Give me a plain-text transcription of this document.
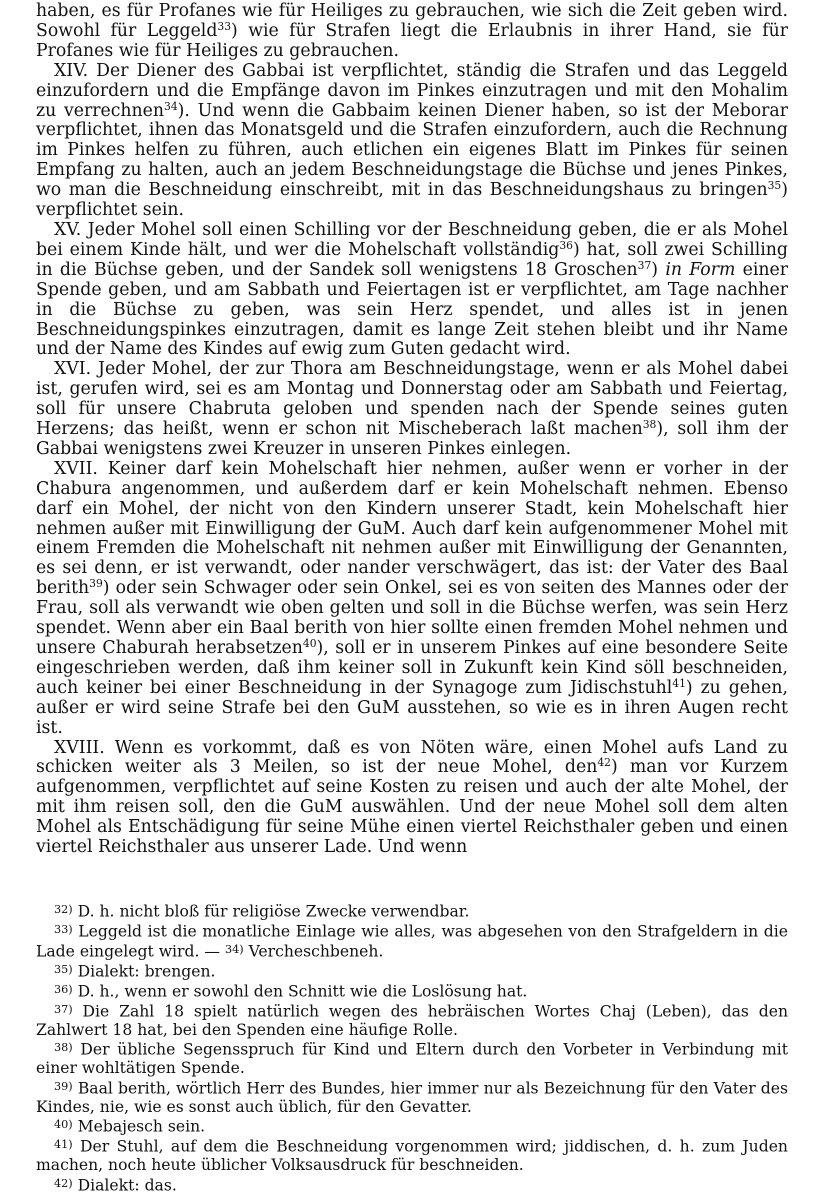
haben, es für Profanes wie für Heiliges zu gebrauchen, wie sich die Zeit geben wird. Sowohl für Leggeld$^{33}$) wie für Strafen liegt die Erlaubnis in ihrer Hand, sie für Profanes wie für Heiliges zu gebrauchen.

XIV. Der Diener des Gabbai ist verpflichtet, ständig die Strafen und das Leggeld einzufordern und die Empfänge davon im Pinkes einzutragen und mit den Mohalim zu verrechnen$^{34}$). Und wenn die Gabbaim keinen Diener haben, so ist der Meborar verpflichtet, ihnen das Monatsgeld und die Strafen einzufordern, auch die Rechnung im Pinkes helfen zu führen, auch etlichen ein eigenes Blatt im Pinkes für seinen Empfang zu halten, auch an jedem Beschneidungstage die Büchse und jenes Pinkes, wo man die Beschneidung einschreibt, mit in das Beschneidungshaus zu bringen$^{35}$) verpflichtet sein.

XV. Jeder Mohel soll einen Schilling vor der Beschneidung geben, die er als Mohel bei einem Kinde hält, und wer die Mohelschaft vollständig$^{36}$) hat, soll zwei Schilling in die Büchse geben, und der Sandek soll wenigstens 18 Groschen$^{37}$) in Form einer Spende geben, und am Sabbath und Feiertagen ist er verpflichtet, am Tage nachher in die Büchse zu geben, was sein Herz spendet, und alles ist in jenen Beschneidungspinkes einzutragen, damit es lange Zeit stehen bleibt und ihr Name und der Name des Kindes auf ewig zum Guten gedacht wird.

XVI. Jeder Mohel, der zur Thora am Beschneidungstage, wenn er als Mohel dabei ist, gerufen wird, sei es am Montag und Donnerstag oder am Sabbath und Feiertag, soll für unsere Chabruta geloben und spenden nach der Spende seines guten Herzens; das heißt, wenn er schon nit Mischeberach laßt machen$^{38}$), soll ihm der Gabbai wenigstens zwei Kreuzer in unseren Pinkes einlegen.

XVII. Keiner darf kein Mohelschaft hier nehmen, außer wenn er vorher in der Chabura angenommen, und außerdem darf er kein Mohelschaft nehmen. Ebenso darf ein Mohel, der nicht von den Kindern unserer Stadt, kein Mohelschaft hier nehmen außer mit Einwilligung der GuM. Auch darf kein aufgenommener Mohel mit einem Fremden die Mohelschaft nit nehmen außer mit Einwilligung der Genannten, es sei denn, er ist verwandt, oder nander verschwägert, das ist: der Vater des Baal berith$^{39}$) oder sein Schwager oder sein Onkel, sei es von seiten des Mannes oder der Frau, soll als verwandt wie oben gelten und soll in die Büchse werfen, was sein Herz spendet. Wenn aber ein Baal berith von hier sollte einen fremden Mohel nehmen und unsere Chaburah herabsetzen$^{40}$), soll er in unserem Pinkes auf eine besondere Seite eingeschrieben werden, daß ihm keiner soll in Zukunft kein Kind söll beschneiden, auch keiner bei einer Beschneidung in der Synagoge zum Jidischstuhl$^{41}$) zu gehen, außer er wird seine Strafe bei den GuM ausstehen, so wie es in ihren Augen recht ist.

XVIII. Wenn es vorkommt, daß es von Nöten wäre, einen Mohel aufs Land zu schicken weiter als 3 Meilen, so ist der neue Mohel, den$^{42}$) man vor Kurzem aufgenommen, verpflichtet auf seine Kosten zu reisen und auch der alte Mohel, der mit ihm reisen soll, den die GuM auswählen. Und der neue Mohel soll dem alten Mohel als Entschädigung für seine Mühe einen viertel Reichsthaler geben und einen viertel Reichsthaler aus unserer Lade. Und wenn

$^{32)}$ D. h. nicht bloß für religiöse Zwecke verwendbar.

$^{33)}$ Leggeld ist die monatliche Einlage wie alles, was abgesehen von den Strafgeldern in die Lade eingelegt wird. — $^{34)}$ Vercheschbeneh.

$^{35)}$ Dialekt: brengen.

$^{36)}$ D. h., wenn er sowohl den Schnitt wie die Loslösung hat.

$^{37)}$ Die Zahl 18 spielt natürlich wegen des hebräischen Wortes Chaj (Leben), das den Zahlwert 18 hat, bei den Spenden eine häufige Rolle.

$^{38)}$ Der übliche Segensspruch für Kind und Eltern durch den Vorbeter in Verbindung mit einer wohltätigen Spende.

$^{39)}$ Baal berith, wörtlich Herr des Bundes, hier immer nur als Bezeichnung für den Vater des Kindes, nie, wie es sonst auch üblich, für den Gevatter.

$^{40)}$ Mebajesch sein.

$^{41)}$ Der Stuhl, auf dem die Beschneidung vorgenommen wird; jiddischen, d. h. zum Juden machen, noch heute üblicher Volksausdruck für beschneiden.

$^{42)}$ Dialekt: das.
